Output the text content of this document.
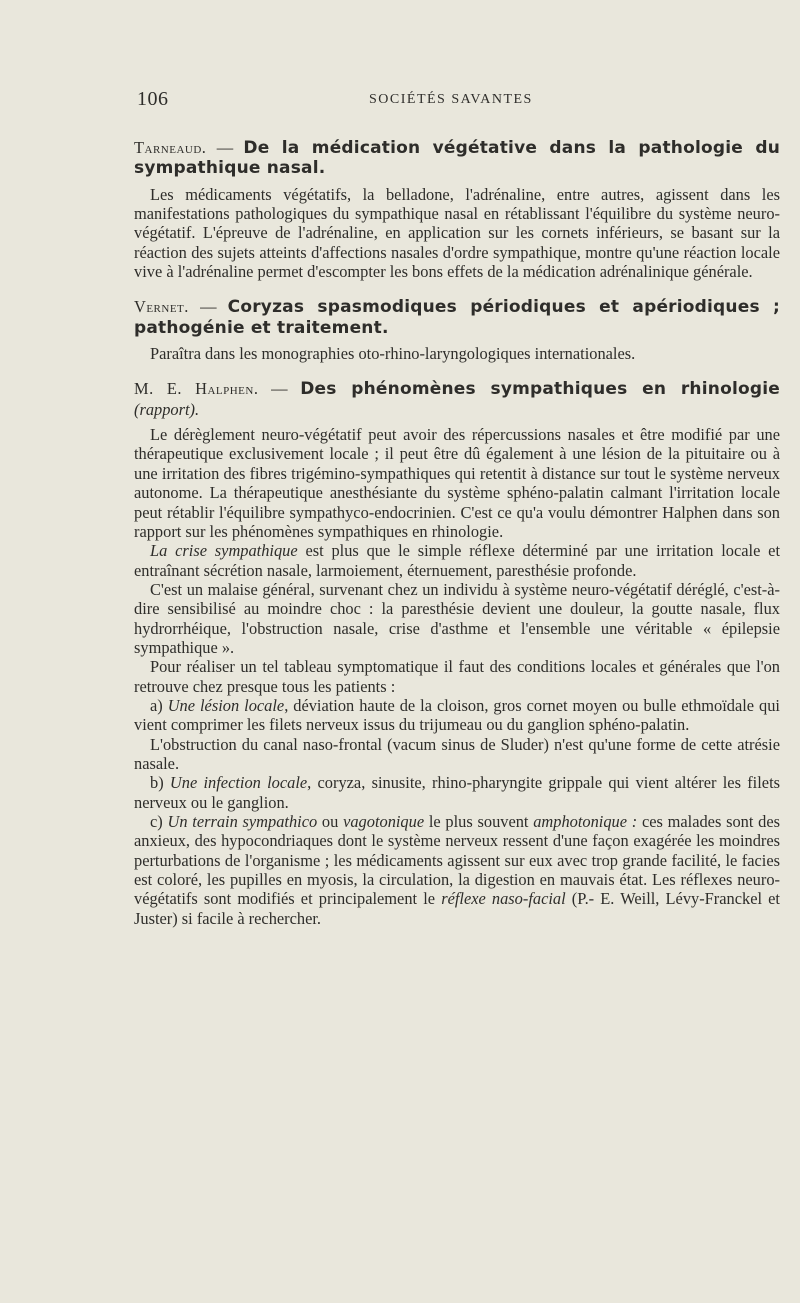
106	SOCIÉTÉS SAVANTES

Tarneaud. — De la médication végétative dans la pathologie du sympathique nasal.

Les médicaments végétatifs, la belladone, l'adrénaline, entre autres, agissent dans les manifestations pathologiques du sympathique nasal en rétablissant l'équilibre du système neuro-végétatif. L'épreuve de l'adrénaline, en application sur les cornets inférieurs, se basant sur la réaction des sujets atteints d'affections nasales d'ordre sympathique, montre qu'une réaction locale vive à l'adrénaline permet d'escompter les bons effets de la médication adrénalinique générale.

Vernet. — Coryzas spasmodiques périodiques et apériodiques ; pathogénie et traitement.

Paraîtra dans les monographies oto-rhino-laryngologiques internationales.

M. E. Halphen. — Des phénomènes sympathiques en rhinologie (rapport).

Le dérèglement neuro-végétatif peut avoir des répercussions nasales et être modifié par une thérapeutique exclusivement locale ; il peut être dû également à une lésion de la pituitaire ou à une irritation des fibres trigémino-sympathiques qui retentit à distance sur tout le système nerveux autonome. La thérapeutique anesthésiante du système sphéno-palatin calmant l'irritation locale peut rétablir l'équilibre sympathyco-endocrinien. C'est ce qu'a voulu démontrer Halphen dans son rapport sur les phénomènes sympathiques en rhinologie.

La crise sympathique est plus que le simple réflexe déterminé par une irritation locale et entraînant sécrétion nasale, larmoiement, éternuement, paresthésie profonde.

C'est un malaise général, survenant chez un individu à système neuro-végétatif déréglé, c'est-à-dire sensibilisé au moindre choc : la paresthésie devient une douleur, la goutte nasale, flux hydrorrhéique, l'obstruction nasale, crise d'asthme et l'ensemble une véritable « épilepsie sympathique ».

Pour réaliser un tel tableau symptomatique il faut des conditions locales et générales que l'on retrouve chez presque tous les patients :

a) Une lésion locale, déviation haute de la cloison, gros cornet moyen ou bulle ethmoïdale qui vient comprimer les filets nerveux issus du trijumeau ou du ganglion sphéno-palatin.

L'obstruction du canal naso-frontal (vacum sinus de Sluder) n'est qu'une forme de cette atrésie nasale.

b) Une infection locale, coryza, sinusite, rhino-pharyngite grippale qui vient altérer les filets nerveux ou le ganglion.

c) Un terrain sympathico ou vagotonique le plus souvent amphotonique : ces malades sont des anxieux, des hypocondriaques dont le système nerveux ressent d'une façon exagérée les moindres perturbations de l'organisme ; les médicaments agissent sur eux avec trop grande facilité, le facies est coloré, les pupilles en myosis, la circulation, la digestion en mauvais état. Les réflexes neuro-végétatifs sont modifiés et principalement le réflexe naso-facial (P.- E. Weill, Lévy-Franckel et Juster) si facile à rechercher.
